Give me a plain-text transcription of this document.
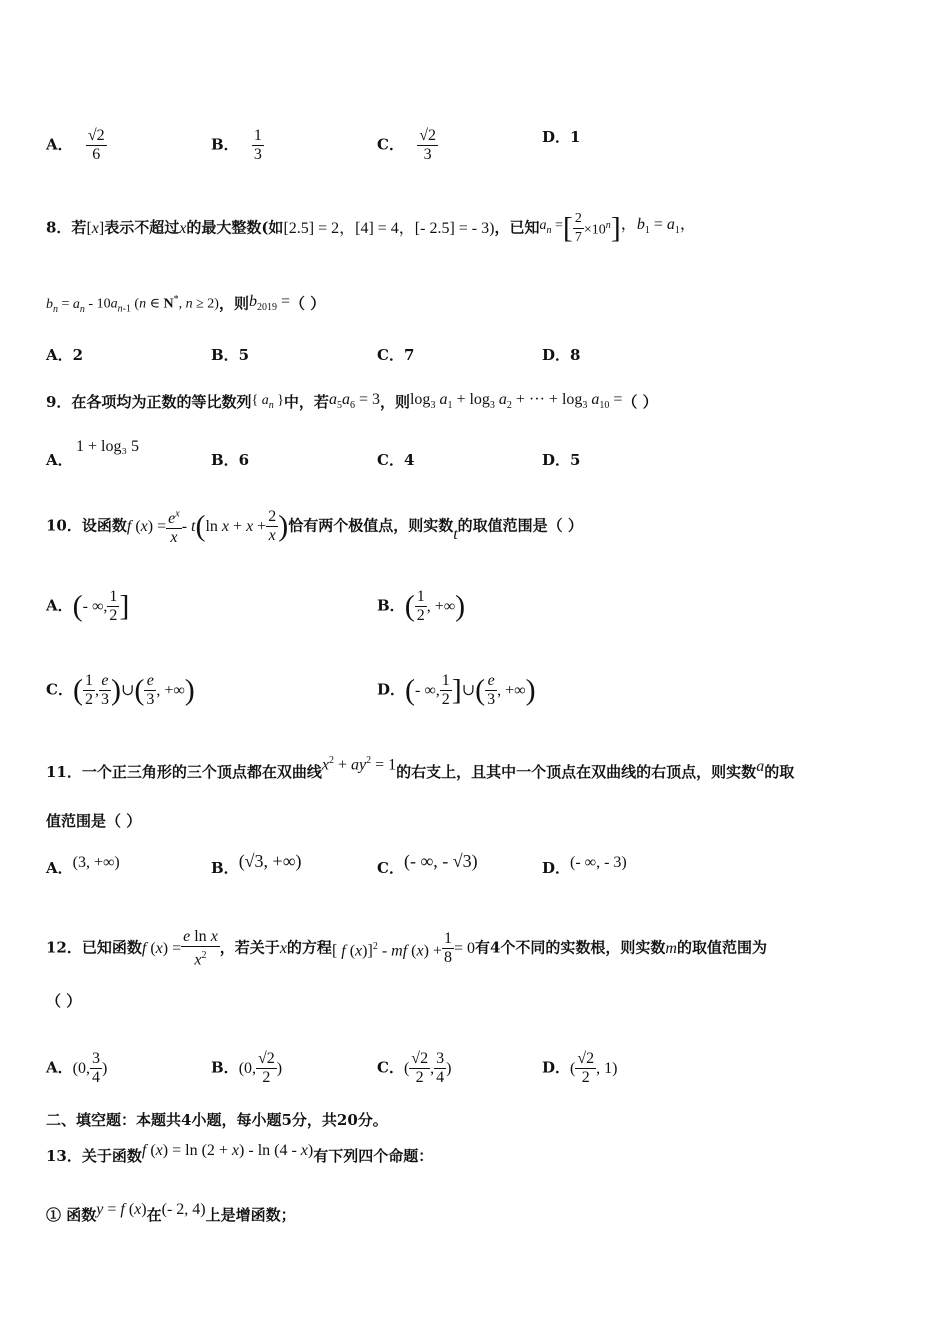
A． $\frac{√2}{6}$	B． $\frac{1}{3}$	C． $\frac{√2}{3}$	D．1
8．若[x]表示不超过x的最大整数(如[2.5] = 2，[4] = 4，[- 2.5] = - 3)，已知$a_n$ =[ $\frac{2}{7} \times 10^n$]，$b_1 = a_1$，
$b_n = a_n - 10a_{n-1}$ (n ∈ N*, n ≥ 2)，则$b_{2019}$ =（ ）
A．2	B．5	C．7	D．8
9．在各项均为正数的等比数列{ $a_n$ }中，若$a_5a_6 = 3$，则$\log_3 a_1 + \log_3 a_2$ + ··· + $\log_3 a_{10}$ =（ ）
A．
1 + log₃ 5
B．6	C．4	D．5
10．设函数f $(x) = \frac{e^x}{x} - t(\ln$ $x + x + \frac{2}{x}$ )恰有两个极值点，则实数t的取值范围是（ ）
A．(- ∞, $\frac{1}{2}$ ]	B．( $\frac{1}{2}$ , +∞)
C．( $\frac{1}{2}$ , $\frac{e}{3}$ )∪( $\frac{e}{3}$ , +∞)	D．(- ∞, $\frac{1}{2}$ ]∪( $\frac{e}{3}$ , +∞)
11．一个正三角形的三个顶点都在双曲线$x^2 + ay^2 = 1$的右支上，且其中一个顶点在双曲线的右顶点，则实数a的取
值范围是（ ）
A．(3, +∞)	B．(√3, +∞)	C．(- ∞, - √3)	D．(- ∞, - 3)
12．已知函数f $(x) = \frac{\text{e ln x}}{x^2}$ ，若关于x的方程[ f (x)]$^2$ - mf $(x) + \frac{1}{8} = 0$有4个不同的实数根，则实数m的取值范围为
（ ）
A．(0, $\frac{3}{4}$ )	B．(0, $\frac{√2}{2}$ )	C．( $\frac{√2}{2}$ , $\frac{3}{4}$ )	D．( $\frac{√2}{2}$ , 1)
二、填空题：本题共4小题，每小题5分，共20分。
13．关于函数f (x) = ln (2 + x) - ln (4 - x)有下列四个命题：
① 函数y = f (x)在(- 2, 4)上是增函数；
